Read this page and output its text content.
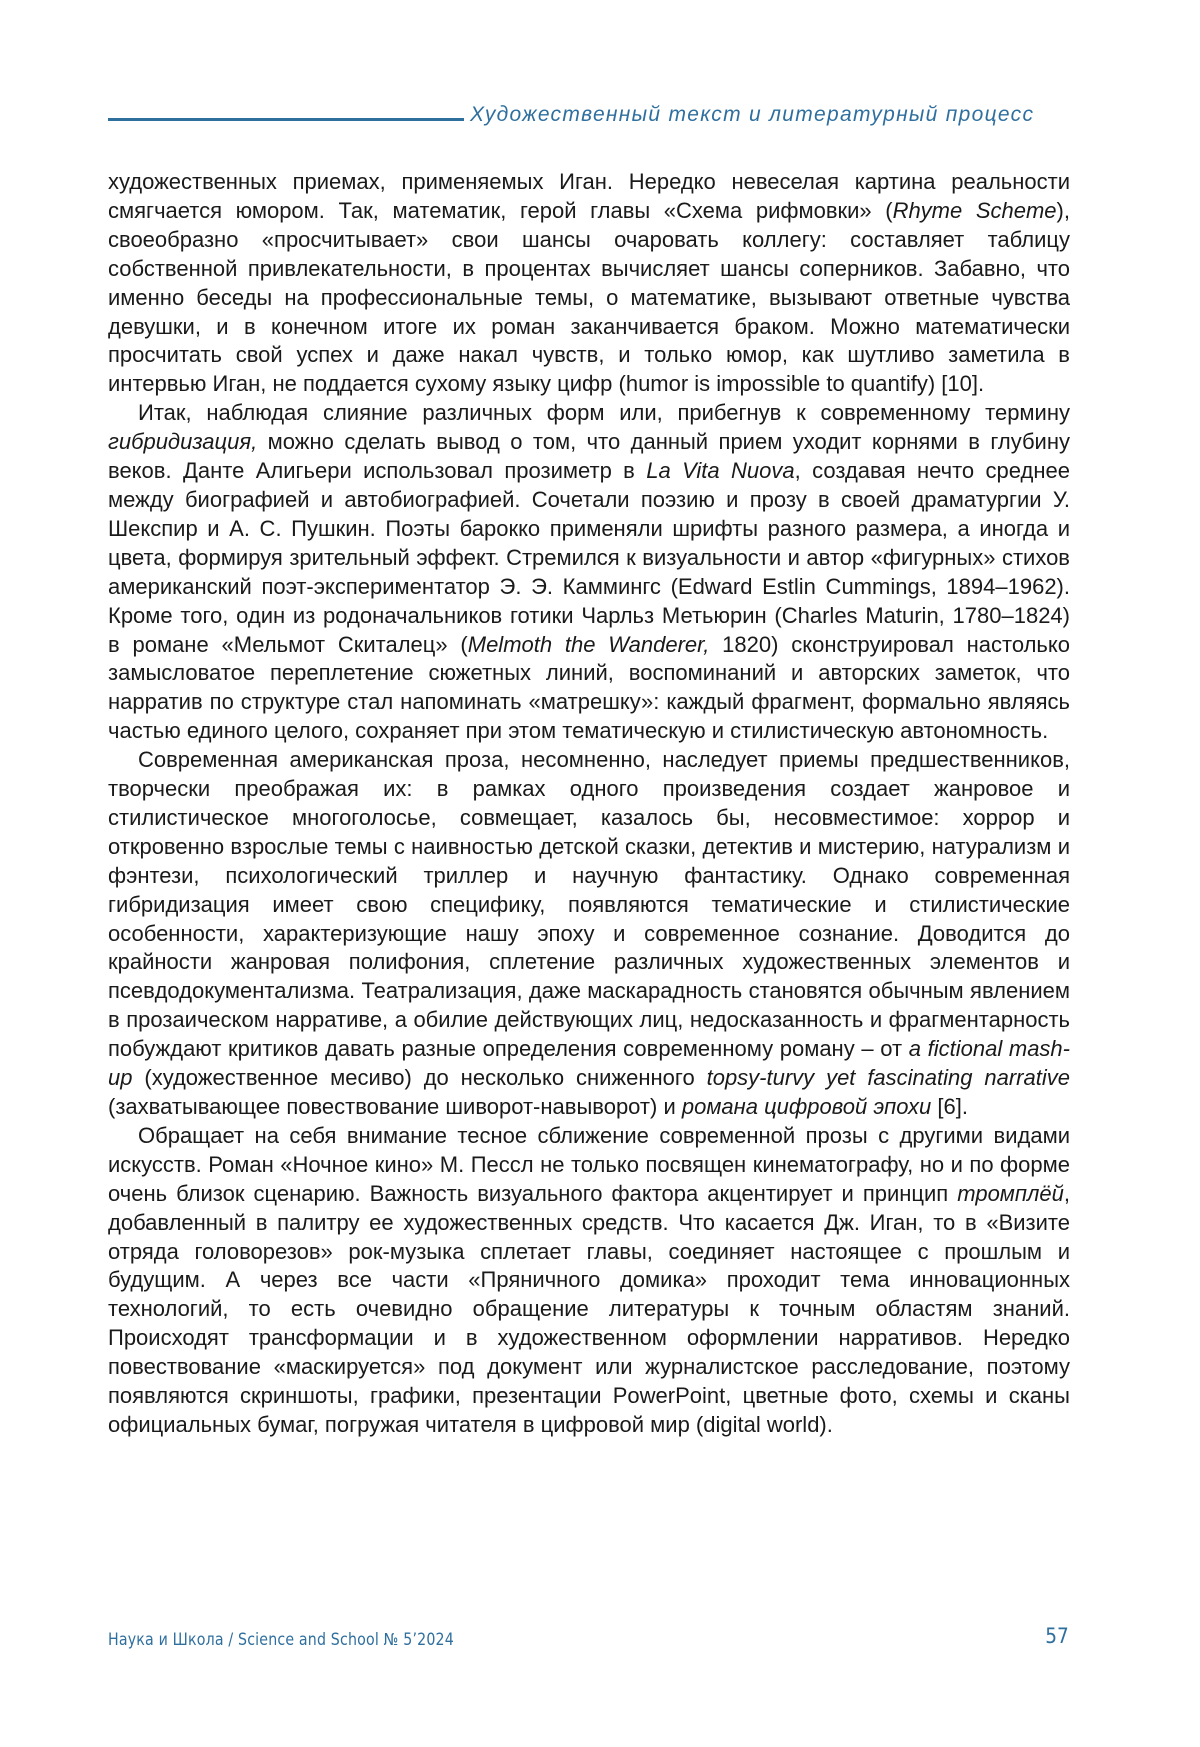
Художественный текст и литературный процесс

художественных приемах, применяемых Иган. Нередко невеселая картина реальности смягчается юмором. Так, математик, герой главы «Схема рифмовки» (Rhyme Scheme), своеобразно «просчитывает» свои шансы очаровать коллегу: составляет таблицу собственной привлекательности, в процентах вычисляет шансы соперников. Забавно, что именно беседы на профессиональные темы, о математике, вызывают ответные чувства девушки, и в конечном итоге их роман заканчивается браком. Можно математически просчитать свой успех и даже накал чувств, и только юмор, как шутливо заметила в интервью Иган, не поддается сухому языку цифр (humor is impossible to quantify) [10].

Итак, наблюдая слияние различных форм или, прибегнув к современному термину гибридизация, можно сделать вывод о том, что данный прием уходит корнями в глубину веков. Данте Алигьери использовал прозиметр в La Vita Nuova, создавая нечто среднее между биографией и автобиографией. Сочетали поэзию и прозу в своей драматургии У. Шекспир и А. С. Пушкин. Поэты барокко применяли шрифты разного размера, а иногда и цвета, формируя зрительный эффект. Стремился к визуальности и автор «фигурных» стихов американский поэт-экспериментатор Э. Э. Каммингс (Edward Estlin Cummings, 1894–1962). Кроме того, один из родоначальников готики Чарльз Метьюрин (Charles Maturin, 1780–1824) в романе «Мельмот Скиталец» (Melmoth the Wanderer, 1820) сконструировал настолько замысловатое переплетение сюжетных линий, воспоминаний и авторских заметок, что нарратив по структуре стал напоминать «матрешку»: каждый фрагмент, формально являясь частью единого целого, сохраняет при этом тематическую и стилистическую автономность.

Современная американская проза, несомненно, наследует приемы предшественников, творчески преображая их: в рамках одного произведения создает жанровое и стилистическое многоголосье, совмещает, казалось бы, несовместимое: хоррор и откровенно взрослые темы с наивностью детской сказки, детектив и мистерию, натурализм и фэнтези, психологический триллер и научную фантастику. Однако современная гибридизация имеет свою специфику, появляются тематические и стилистические особенности, характеризующие нашу эпоху и современное сознание. Доводится до крайности жанровая полифония, сплетение различных художественных элементов и псевдодокументализма. Театрализация, даже маскарадность становятся обычным явлением в прозаическом нарративе, а обилие действующих лиц, недосказанность и фрагментарность побуждают критиков давать разные определения современному роману – от a fictional mash-up (художественное месиво) до несколько сниженного topsy-turvy yet fascinating narrative (захватывающее повествование шиворот-навыворот) и романа цифровой эпохи [6].

Обращает на себя внимание тесное сближение современной прозы с другими видами искусств. Роман «Ночное кино» М. Пессл не только посвящен кинематографу, но и по форме очень близок сценарию. Важность визуального фактора акцентирует и принцип тромплёй, добавленный в палитру ее художественных средств. Что касается Дж. Иган, то в «Визите отряда головорезов» рок-музыка сплетает главы, соединяет настоящее с прошлым и будущим. А через все части «Пряничного домика» проходит тема инновационных технологий, то есть очевидно обращение литературы к точным областям знаний. Происходят трансформации и в художественном оформлении нарративов. Нередко повествование «маскируется» под документ или журналистское расследование, поэтому появляются скриншоты, графики, презентации PowerPoint, цветные фото, схемы и сканы официальных бумаг, погружая читателя в цифровой мир (digital world).

Наука и Школа / Science and School № 5’2024	57
